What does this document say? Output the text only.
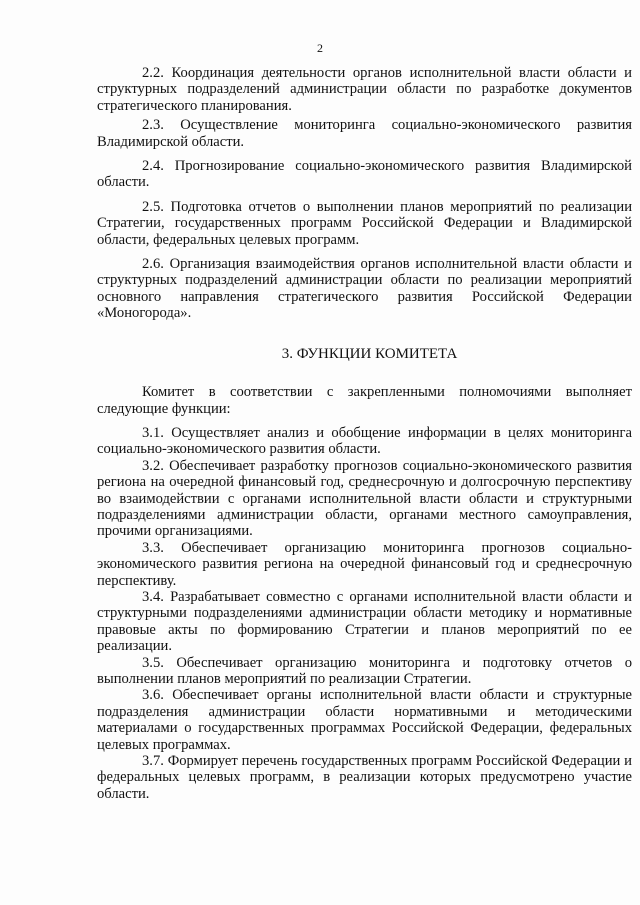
2

2.2. Координация деятельности органов исполнительной власти области и структурных подразделений администрации области по разработке документов стратегического планирования.

2.3. Осуществление мониторинга социально-экономического развития Владимирской области.

2.4. Прогнозирование социально-экономического развития Владимирской области.

2.5. Подготовка отчетов о выполнении планов мероприятий по реализации Стратегии, государственных программ Российской Федерации и Владимирской области, федеральных целевых программ.

2.6. Организация взаимодействия органов исполнительной власти области и структурных подразделений администрации области по реализации мероприятий основного направления стратегического развития Российской Федерации «Моногорода».

3. ФУНКЦИИ КОМИТЕТА

Комитет в соответствии с закрепленными полномочиями выполняет следующие функции:

3.1. Осуществляет анализ и обобщение информации в целях мониторинга социально-экономического развития области.

3.2. Обеспечивает разработку прогнозов социально-экономического развития региона на очередной финансовый год, среднесрочную и долгосрочную перспективу во взаимодействии с органами исполнительной власти области и структурными подразделениями администрации области, органами местного самоуправления, прочими организациями.

3.3. Обеспечивает организацию мониторинга прогнозов социально-экономического развития региона на очередной финансовый год и среднесрочную перспективу.

3.4. Разрабатывает совместно с органами исполнительной власти области и структурными подразделениями администрации области методику и нормативные правовые акты по формированию Стратегии и планов мероприятий по ее реализации.

3.5. Обеспечивает организацию мониторинга и подготовку отчетов о выполнении планов мероприятий по реализации Стратегии.

3.6. Обеспечивает органы исполнительной власти области и структурные подразделения администрации области нормативными и методическими материалами о государственных программах Российской Федерации, федеральных целевых программах.

3.7. Формирует перечень государственных программ Российской Федерации и федеральных целевых программ, в реализации которых предусмотрено участие области.
